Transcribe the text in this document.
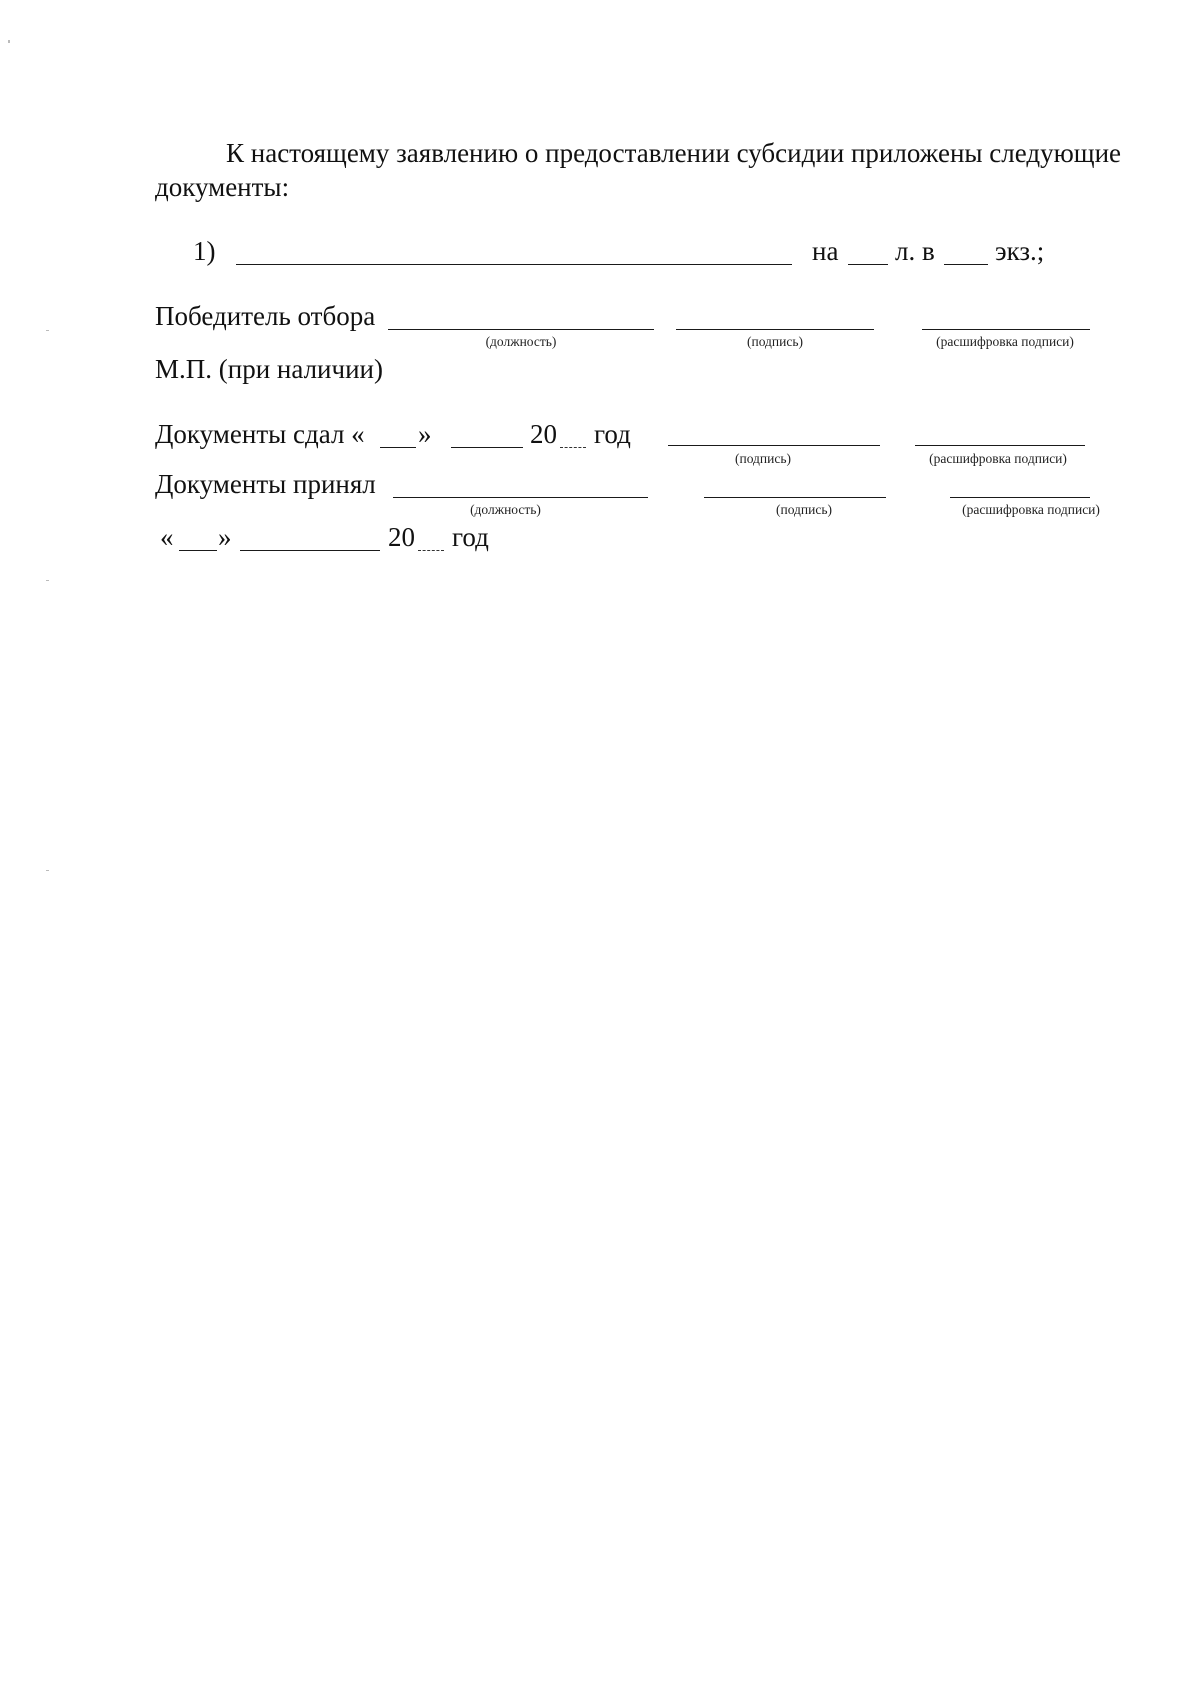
К настоящему заявлению о предоставлении субсидии приложены следующие
документы:
1)	на л. в экз.;
Победитель отбора
(должность)	(подпись)	(расшифровка подписи)
М.П. (при наличии)
Документы сдал « »	20 год
(подпись)	(расшифровка подписи)
Документы принял
(должность)	(подпись)	(расшифровка подписи)
« »	20 год
